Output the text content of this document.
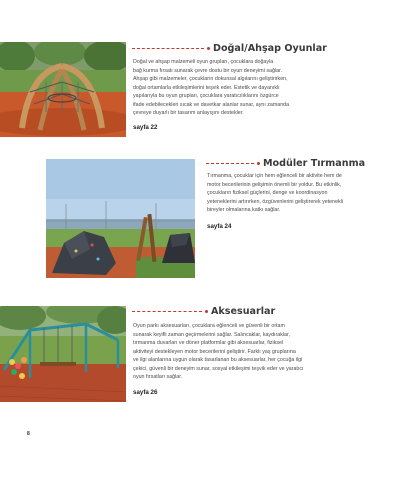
Doğal/Ahşap Oyunlar
Doğal ve ahşap malzemeli oyun grupları, çocuklara doğayla
bağ kurma fırsatı sunarak çevre dostu bir oyun deneyimi sağlar.
Ahşap gibi malzemeler, çocukların dokunsal algılarını geliştirirken,
doğal ortamlarla etkileşimlerini teşvik eder. Estetik ve dayanıklı
yapılarıyla bu oyun grupları, çocuklara yaratıcılıklarını özgürce
ifade edebilecekleri sıcak ve davetkar alanlar sunar, aynı zamanda
çevreye duyarlı bir tasarım anlayışını destekler.
sayfa 22
Modüler Tırmanma
Tırmanma, çocuklar için hem eğlenceli bir aktivite hem de
motor becerilerinin gelişimin önemli bir yoldur. Bu etkinlik,
çocukların fiziksel güçlerini, denge ve koordinasyon
yeteneklerini artırırken, özgüvenlerini geliştirerek yetenekli
bireyler olmalarına katkı sağlar.
sayfa 24
Aksesuarlar
Oyun parkı aksesuarları, çocuklara eğlenceli ve güvenli bir ortam
sunarak keyifli zaman geçirmelerini sağlar. Salıncaklar, kaydıraklar,
tırmanma duvarları ve döner platformlar gibi aksesuarlar, fiziksel
aktiviteyi destekleyen motor becerilerini geliştirir. Farklı yaş gruplarına
ve ilgi alanlarına uygun olarak tasarlanan bu aksesuarlar, her çocuğa ilgi
çekici, güvenli bir deneyim sunar, sosyal etkileşimi teşvik eder ve yaratıcı
oyun fırsatları sağlar.
sayfa 26
8
